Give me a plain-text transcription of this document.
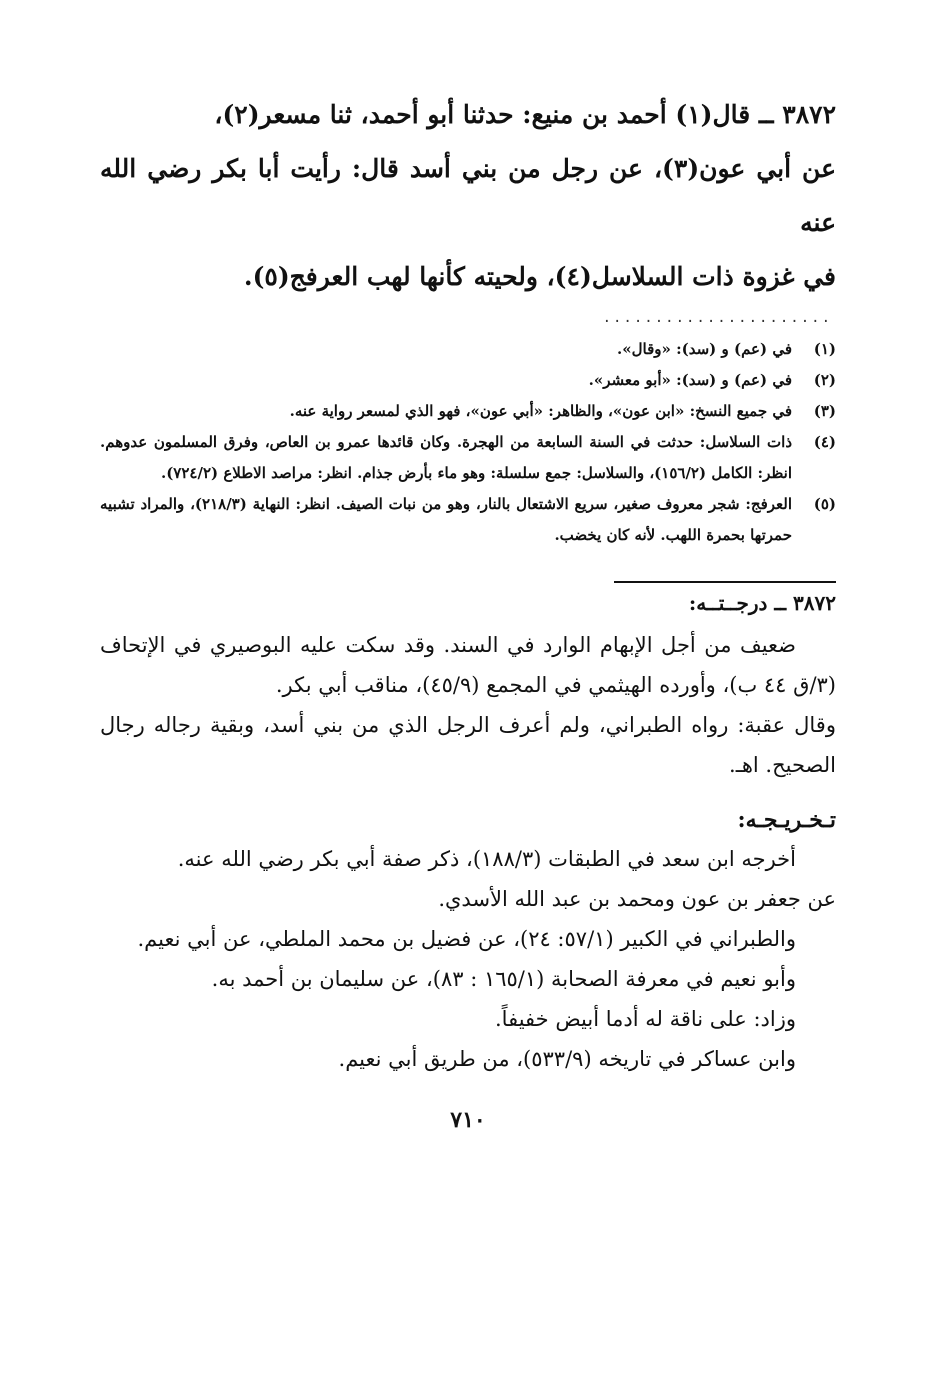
٣٨٧٢ ــ قال(١) أحمد بن منيع: حدثنا أبو أحمد، ثنا مسعر(٢)،

عن أبي عون(٣)، عن رجل من بني أسد قال: رأيت أبا بكر رضي الله عنه

في غزوة ذات السلاسل(٤)، ولحيته كأنها لهب العرفج(٥).

......................
(١)
في (عم) و (سد): «وقال».
(٢)
في (عم) و (سد): «أبو معشر».
(٣)
في جميع النسخ: «ابن عون»، والظاهر: «أبي عون»، فهو الذي لمسعر رواية عنه.
(٤)
ذات السلاسل: حدثت في السنة السابعة من الهجرة. وكان قائدها عمرو بن العاص، وفرق المسلمون عدوهم. انظر: الكامل (١٥٦/٢)، والسلاسل: جمع سلسلة: وهو ماء بأرض جذام. انظر: مراصد الاطلاع (٧٢٤/٢).
(٥)
العرفج: شجر معروف صغير، سريع الاشتعال بالنار، وهو من نبات الصيف. انظر: النهاية (٢١٨/٣)، والمراد تشبيه حمرتها بحمرة اللهب. لأنه كان يخضب.
٣٨٧٢ ــ درجــتــه:

ضعيف من أجل الإبهام الوارد في السند. وقد سكت عليه البوصيري في الإتحاف (٣/ق ٤٤ ب)، وأورده الهيثمي في المجمع (٤٥/٩)، مناقب أبي بكر.

وقال عقبة: رواه الطبراني، ولم أعرف الرجل الذي من بني أسد، وبقية رجاله رجال الصحيح. اهـ.

تـخـريـجـه:

أخرجه ابن سعد في الطبقات (١٨٨/٣)، ذكر صفة أبي بكر رضي الله عنه.

عن جعفر بن عون ومحمد بن عبد الله الأسدي.

والطبراني في الكبير (٥٧/١: ٢٤)، عن فضيل بن محمد الملطي، عن أبي نعيم.

وأبو نعيم في معرفة الصحابة (١٦٥/١ : ٨٣)، عن سليمان بن أحمد به.

وزاد: على ناقة له أدما أبيض خفيفاً.

وابن عساكر في تاريخه (٥٣٣/٩)، من طريق أبي نعيم.

٧١٠
